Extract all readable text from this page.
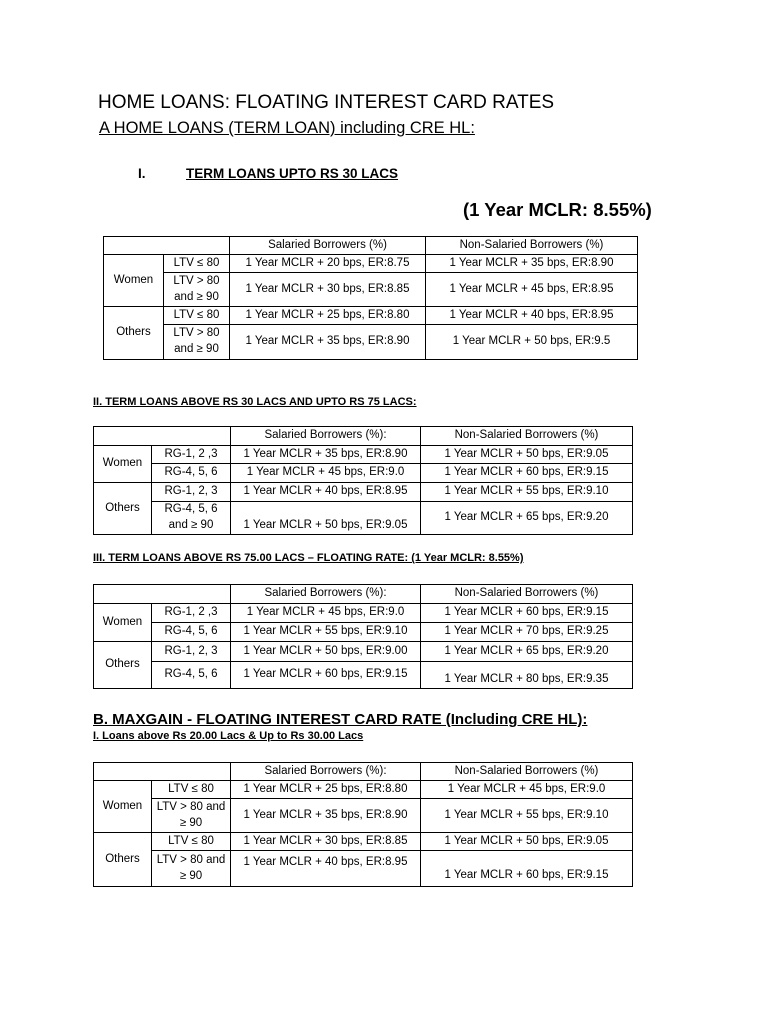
HOME LOANS: FLOATING INTEREST CARD RATES
A HOME LOANS (TERM LOAN) including CRE HL:
I.	TERM LOANS UPTO RS 30 LACS
(1 Year MCLR: 8.55%)
		Salaried Borrowers (%)	Non-Salaried Borrowers (%)
Women	LTV ≤ 80	1 Year MCLR + 20 bps, ER:8.75	1 Year MCLR + 35 bps, ER:8.90
	LTV > 80 and ≥ 90	1 Year MCLR + 30 bps, ER:8.85	1 Year MCLR + 45 bps, ER:8.95
Others	LTV ≤ 80	1 Year MCLR + 25 bps, ER:8.80	1 Year MCLR + 40 bps, ER:8.95
	LTV > 80 and ≥ 90	1 Year MCLR + 35 bps, ER:8.90	1 Year MCLR + 50 bps, ER:9.5
II. TERM LOANS ABOVE RS 30 LACS AND UPTO RS 75 LACS:
		Salaried Borrowers (%):	Non-Salaried Borrowers (%)
Women	RG-1, 2 ,3	1 Year MCLR + 35 bps, ER:8.90	1 Year MCLR + 50 bps, ER:9.05
	RG-4, 5, 6	1 Year MCLR + 45 bps, ER:9.0	1 Year MCLR + 60 bps, ER:9.15
Others	RG-1, 2, 3	1 Year MCLR + 40 bps, ER:8.95	1 Year MCLR + 55 bps, ER:9.10
	RG-4, 5, 6 and ≥ 90	1 Year MCLR + 50 bps, ER:9.05	1 Year MCLR + 65 bps, ER:9.20
III. TERM LOANS ABOVE RS 75.00 LACS – FLOATING RATE: (1 Year MCLR: 8.55%)
		Salaried Borrowers (%):	Non-Salaried Borrowers (%)
Women	RG-1, 2 ,3	1 Year MCLR + 45 bps, ER:9.0	1 Year MCLR + 60 bps, ER:9.15
	RG-4, 5, 6	1 Year MCLR + 55 bps, ER:9.10	1 Year MCLR + 70 bps, ER:9.25
Others	RG-1, 2, 3	1 Year MCLR + 50 bps, ER:9.00	1 Year MCLR + 65 bps, ER:9.20
	RG-4, 5, 6	1 Year MCLR + 60 bps, ER:9.15	1 Year MCLR + 80 bps, ER:9.35
B. MAXGAIN - FLOATING INTEREST CARD RATE (Including CRE HL):
I. Loans above Rs 20.00 Lacs & Up to Rs 30.00 Lacs
		Salaried Borrowers (%):	Non-Salaried Borrowers (%)
Women	LTV ≤ 80	1 Year MCLR + 25 bps, ER:8.80	1 Year MCLR + 45 bps, ER:9.0
	LTV > 80 and ≥ 90	1 Year MCLR + 35 bps, ER:8.90	1 Year MCLR + 55 bps, ER:9.10
Others	LTV ≤ 80	1 Year MCLR + 30 bps, ER:8.85	1 Year MCLR + 50 bps, ER:9.05
	LTV > 80 and ≥ 90	1 Year MCLR + 40 bps, ER:8.95	1 Year MCLR + 60 bps, ER:9.15
